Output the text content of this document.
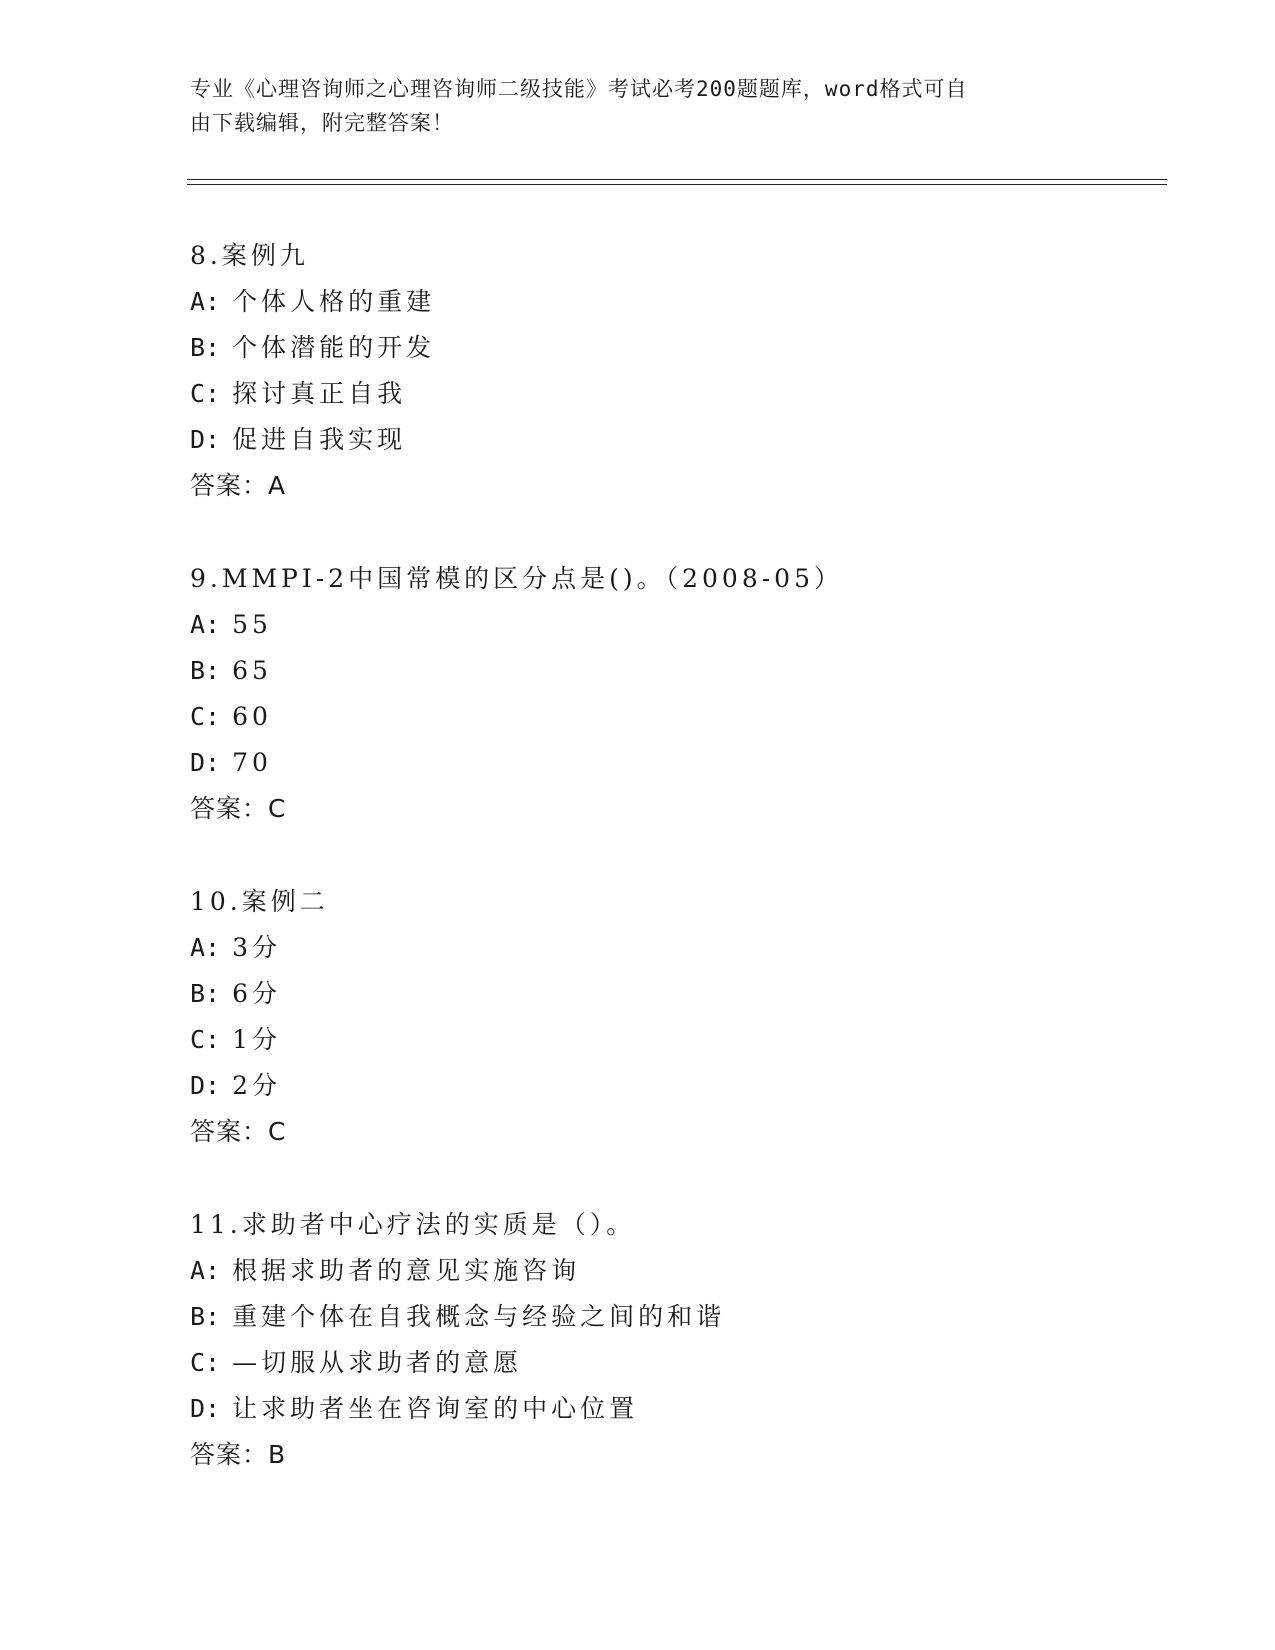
专业《心理咨询师之心理咨询师二级技能》考试必考200题题库，word格式可自
由下载编辑，附完整答案！
8.案例九
A: 个体人格的重建
B: 个体潜能的开发
C: 探讨真正自我
D: 促进自我实现
答案：A
9.MMPI-2中国常模的区分点是()。（2008-05）
A: 55
B: 65
C: 60
D: 70
答案：C
10.案例二
A: 3分
B: 6分
C: 1分
D: 2分
答案：C
11.求助者中心疗法的实质是（）。
A: 根据求助者的意见实施咨询
B: 重建个体在自我概念与经验之间的和谐
C: —切服从求助者的意愿
D: 让求助者坐在咨询室的中心位置
答案：B
